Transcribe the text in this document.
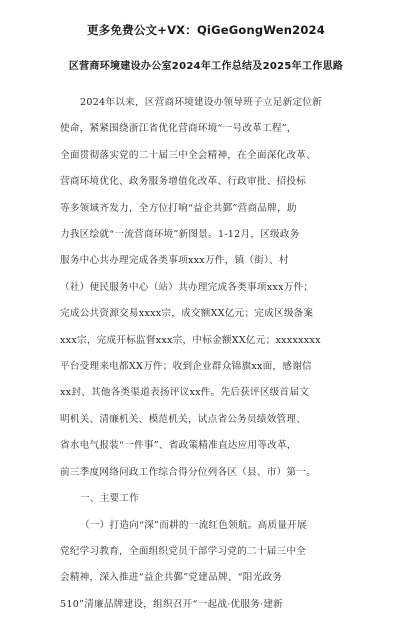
更多免费公文+VX：QiGeGongWen2024
区营商环境建设办公室2024年工作总结及2025年工作思路
2024年以来，区营商环境建设办领导班子立足新定位新
使命，紧紧围绕浙江省优化营商环境“一号改革工程”，
全面贯彻落实党的二十届三中全会精神，在全面深化改革、
营商环境优化、政务服务增值化改革、行政审批、招投标
等多领域齐发力，全方位打响“益企共鄞”营商品牌，助
力我区绘就“一流营商环境”新图景。1-12月，区级政务
服务中心共办理完成各类事项xxx万件，镇（街）、村
（社）便民服务中心（站）共办理完成各类事项xxx万件；
完成公共资源交易xxxx宗，成交额XX亿元；完成区级备案
xxx宗，完成开标监督xxx宗，中标金额XX亿元；xxxxxxxx
平台受理来电都XX万件；收到企业群众锦旗xx面，感谢信
xx封、其他各类渠道表扬评议xx件。先后获评区级首届文
明机关、清廉机关、模范机关，试点省公务员绩效管理、
省水电气报装“一件事”、省政策精准直达应用等改革，
前三季度网络问政工作综合得分位列各区（县、市）第一。
一、主要工作
（一）打造向“深”而耕的一流红色领航。高质量开展
党纪学习教育，全面组织党员干部学习党的二十届三中全
会精神，深入推进“益企共鄞”党建品牌、“阳光政务
510”清廉品牌建设，组织召开“一起战·优服务·建新
